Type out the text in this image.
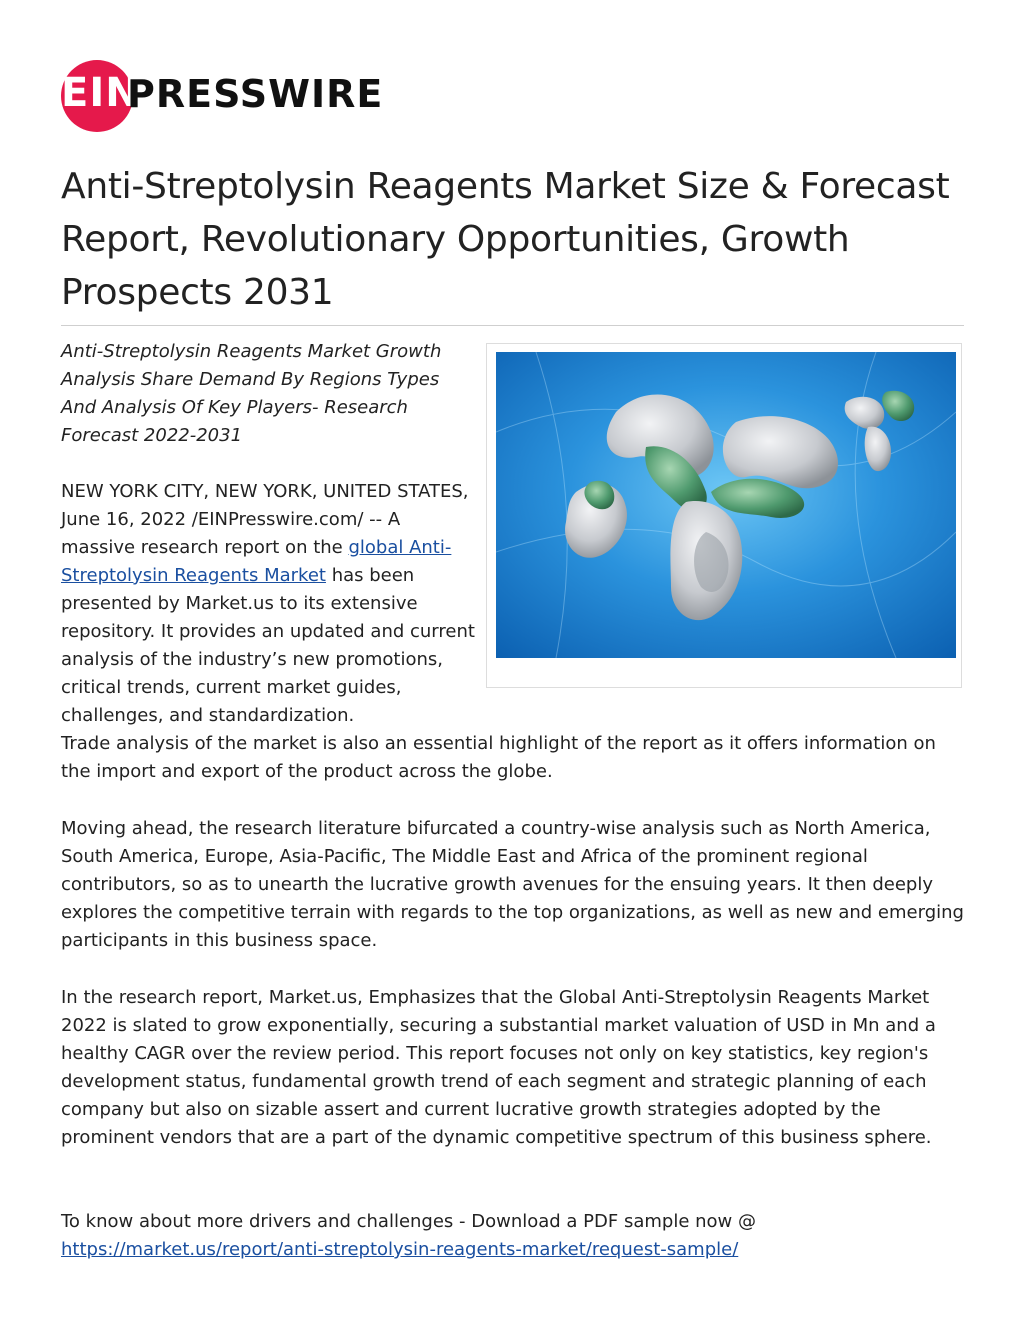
EIN
PRESSWIRE
Anti-Streptolysin Reagents Market Size & Forecast Report, Revolutionary Opportunities, Growth Prospects 2031
Anti-Streptolysin Reagents Market Growth Analysis Share Demand By Regions Types And Analysis Of Key Players- Research Forecast 2022-2031

NEW YORK CITY, NEW YORK, UNITED STATES, June 16, 2022 /EINPresswire.com/ -- A massive research report on the global Anti-Streptolysin Reagents Market has been presented by Market.us to its extensive repository. It provides an updated and current analysis of the industry’s new promotions, critical trends, current market guides, challenges, and standardization.

Trade analysis of the market is also an essential highlight of the report as it offers information on the import and export of the product across the globe.

Moving ahead, the research literature bifurcated a country-wise analysis such as North America, South America, Europe, Asia-Pacific, The Middle East and Africa of the prominent regional contributors, so as to unearth the lucrative growth avenues for the ensuing years. It then deeply explores the competitive terrain with regards to the top organizations, as well as new and emerging participants in this business space.

In the research report, Market.us, Emphasizes that the Global Anti-Streptolysin Reagents Market 2022 is slated to grow exponentially, securing a substantial market valuation of USD in Mn and a healthy CAGR over the review period. This report focuses not only on key statistics, key region's development status, fundamental growth trend of each segment and strategic planning of each company but also on sizable assert and current lucrative growth strategies adopted by the prominent vendors that are a part of the dynamic competitive spectrum of this business sphere.

To know about more drivers and challenges - Download a PDF sample now @ https://market.us/report/anti-streptolysin-reagents-market/request-sample/
